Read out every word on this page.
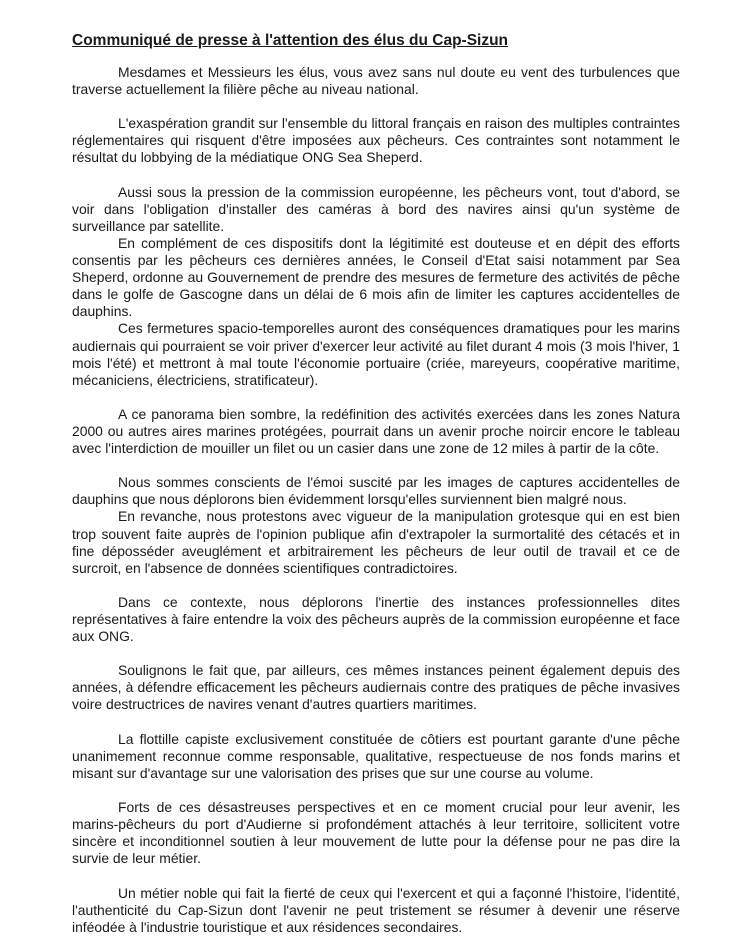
Communiqué de presse à l'attention des élus du Cap-Sizun

Mesdames et Messieurs les élus, vous avez sans nul doute eu vent des turbulences que traverse actuellement la filière pêche au niveau national.

L'exaspération grandit sur l'ensemble du littoral français en raison des multiples contraintes réglementaires qui risquent d'être imposées aux pêcheurs. Ces contraintes sont notamment le résultat du lobbying de la médiatique ONG Sea Sheperd.

Aussi sous la pression de la commission européenne, les pêcheurs vont, tout d'abord, se voir dans l'obligation d'installer des caméras à bord des navires ainsi qu'un système de surveillance par satellite.

En complément de ces dispositifs dont la légitimité est douteuse et en dépit des efforts consentis par les pêcheurs ces dernières années, le Conseil d'Etat saisi notamment par Sea Sheperd, ordonne au Gouvernement de prendre des mesures de fermeture des activités de pêche dans le golfe de Gascogne dans un délai de 6 mois afin de limiter les captures accidentelles de dauphins.

Ces fermetures spacio-temporelles auront des conséquences dramatiques pour les marins audiernais qui pourraient se voir priver d'exercer leur activité au filet durant 4 mois (3 mois l'hiver, 1 mois l'été) et mettront à mal toute l'économie portuaire (criée, mareyeurs, coopérative maritime, mécaniciens, électriciens, stratificateur).

A ce panorama bien sombre, la redéfinition des activités exercées dans les zones Natura 2000 ou autres aires marines protégées, pourrait dans un avenir proche noircir encore le tableau avec l'interdiction de mouiller un filet ou un casier dans une zone de 12 miles à partir de la côte.

Nous sommes conscients de l'émoi suscité par les images de captures accidentelles de dauphins que nous déplorons bien évidemment lorsqu'elles surviennent bien malgré nous.

En revanche, nous protestons avec vigueur de la manipulation grotesque qui en est bien trop souvent faite auprès de l'opinion publique afin d'extrapoler la surmortalité des cétacés et in fine déposséder aveuglément et arbitrairement les pêcheurs de leur outil de travail et ce de surcroit, en l'absence de données scientifiques contradictoires.

Dans ce contexte, nous déplorons l'inertie des instances professionnelles dites représentatives à faire entendre la voix des pêcheurs auprès de la commission européenne et face aux ONG.

Soulignons le fait que, par ailleurs, ces mêmes instances peinent également depuis des années, à défendre efficacement les pêcheurs audiernais contre des pratiques de pêche invasives voire destructrices de navires venant d'autres quartiers maritimes.

La flottille capiste exclusivement constituée de côtiers est pourtant garante d'une pêche unanimement reconnue comme responsable, qualitative, respectueuse de nos fonds marins et misant sur d'avantage sur une valorisation des prises que sur une course au volume.

Forts de ces désastreuses perspectives et en ce moment crucial pour leur avenir, les marins-pêcheurs du port d'Audierne si profondément attachés à leur territoire, sollicitent votre sincère et inconditionnel soutien à leur mouvement de lutte pour la défense pour ne pas dire la survie de leur métier.

Un métier noble qui fait la fierté de ceux qui l'exercent et qui a façonné l'histoire, l'identité, l'authenticité du Cap-Sizun dont l'avenir ne peut tristement se résumer à devenir une réserve inféodée à l'industrie touristique et aux résidences secondaires.
